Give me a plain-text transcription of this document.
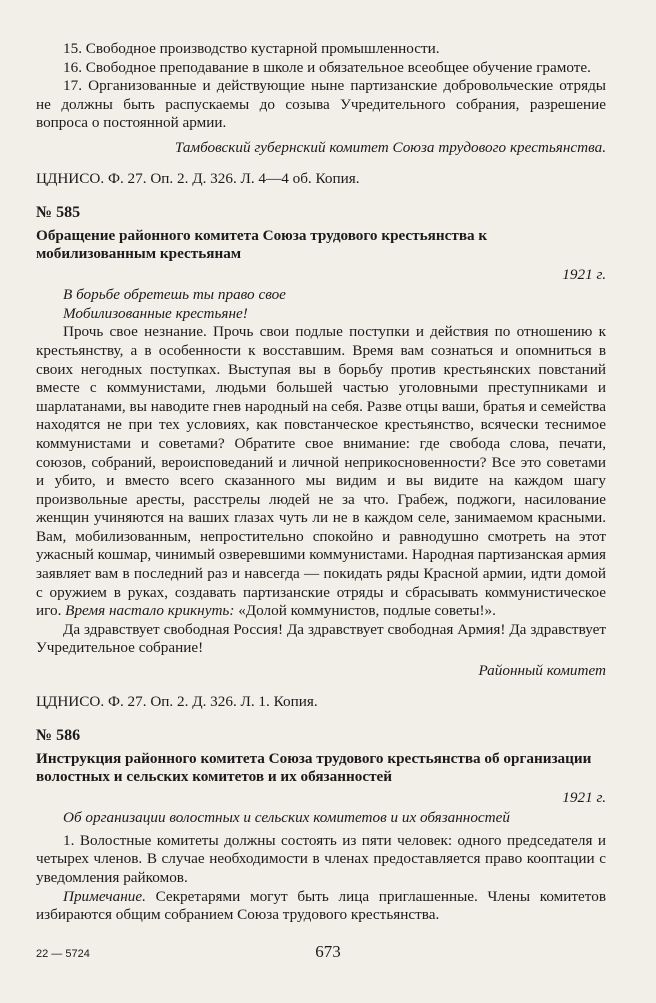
15. Свободное производство кустарной промышленности.

16. Свободное преподавание в школе и обязательное всеобщее обучение грамоте.

17. Организованные и действующие ныне партизанские добровольческие отряды не должны быть распускаемы до созыва Учредительного собрания, разрешение вопроса о постоянной армии.

Тамбовский губернский комитет Союза трудового крестьянства.

ЦДНИСО. Ф. 27. Оп. 2. Д. 326. Л. 4—4 об. Копия.

№ 585

Обращение районного комитета Союза трудового крестьянства к мобилизованным крестьянам

1921 г.

В борьбе обретешь ты право свое

Мобилизованные крестьяне!

Прочь свое незнание. Прочь свои подлые поступки и действия по отношению к крестьянству, а в особенности к восставшим. Время вам сознаться и опомниться в своих негодных поступках. Выступая вы в борьбу против крестьянских повстаний вместе с коммунистами, людьми большей частью уголовными преступниками и шарлатанами, вы наводите гнев народный на себя. Разве отцы ваши, братья и семейства находятся не при тех условиях, как повстанческое крестьянство, всячески теснимое коммунистами и советами? Обратите свое внимание: где свобода слова, печати, союзов, собраний, вероисповеданий и личной неприкосновенности? Все это советами и убито, и вместо всего сказанного мы видим и вы видите на каждом шагу произвольные аресты, расстрелы людей не за что. Грабеж, поджоги, насилование женщин учиняются на ваших глазах чуть ли не в каждом селе, занимаемом красными. Вам, мобилизованным, непростительно спокойно и равнодушно смотреть на этот ужасный кошмар, чинимый озверевшими коммунистами. Народная партизанская армия заявляет вам в последний раз и навсегда — покидать ряды Красной армии, идти домой с оружием в руках, создавать партизанские отряды и сбрасывать коммунистическое иго. Время настало крикнуть: «Долой коммунистов, подлые советы!».

Да здравствует свободная Россия! Да здравствует свободная Армия! Да здравствует Учредительное собрание!

Районный комитет

ЦДНИСО. Ф. 27. Оп. 2. Д. 326. Л. 1. Копия.

№ 586

Инструкция районного комитета Союза трудового крестьянства об организации волостных и сельских комитетов и их обязанностей

1921 г.

Об организации волостных и сельских комитетов и их обязанностей

1. Волостные комитеты должны состоять из пяти человек: одного председателя и четырех членов. В случае необходимости в членах предоставляется право кооптации с уведомления райкомов.

Примечание. Секретарями могут быть лица приглашенные. Члены комитетов избираются общим собранием Союза трудового крестьянства.

22 — 5724	673
